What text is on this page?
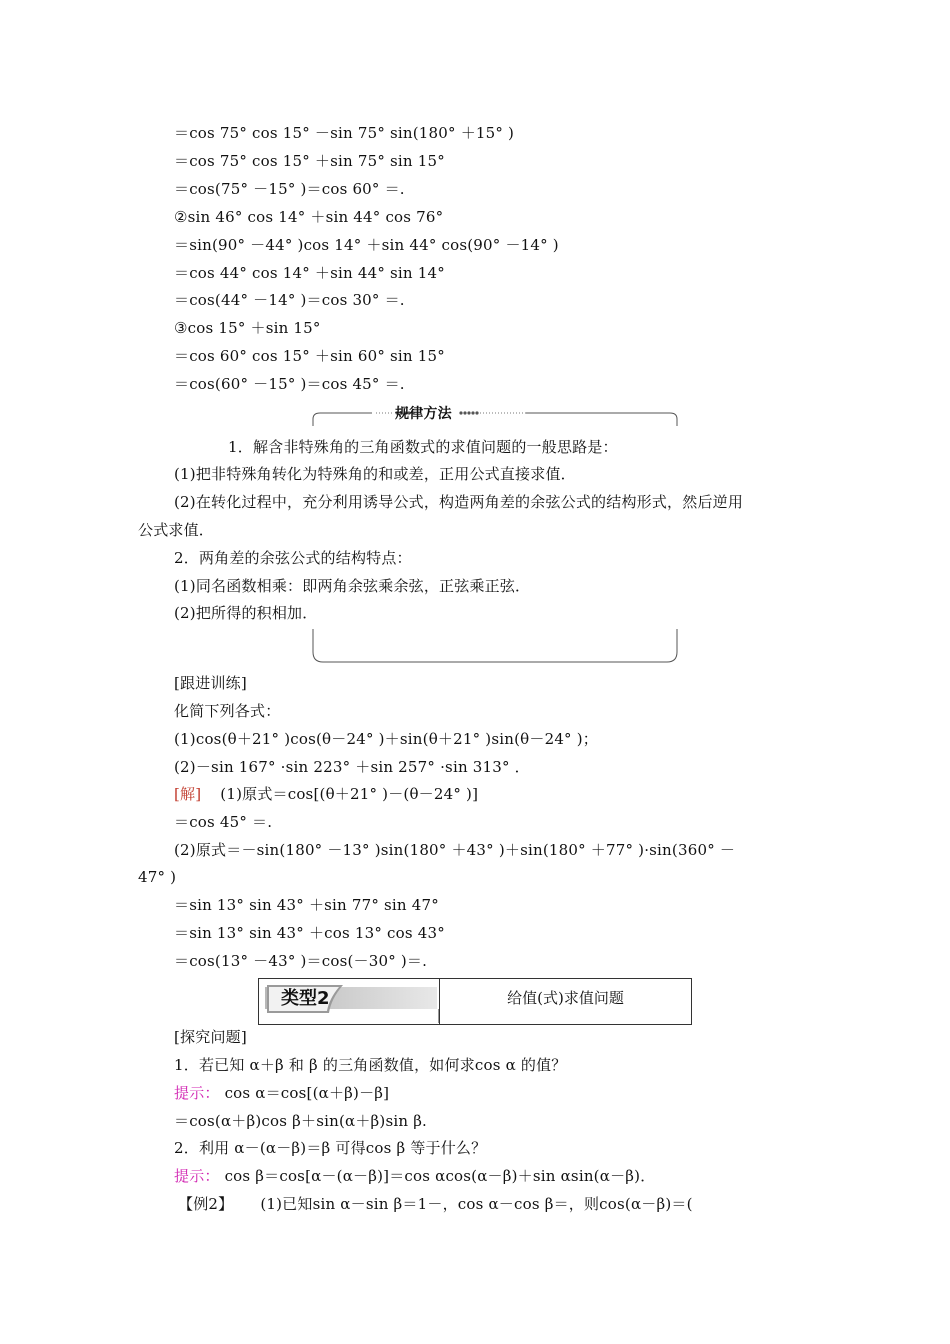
＝cos 75° cos 15° －sin 75° sin(180° ＋15° )
＝cos 75° cos 15° ＋sin 75° sin 15°
＝cos(75° －15° )＝cos 60° ＝.
②sin 46° cos 14° ＋sin 44° cos 76°
＝sin(90° －44° )cos 14° ＋sin 44° cos(90° －14° )
＝cos 44° cos 14° ＋sin 44° sin 14°
＝cos(44° －14° )＝cos 30° ＝.
③cos 15° ＋sin 15°
＝cos 60° cos 15° ＋sin 60° sin 15°
＝cos(60° －15° )＝cos 45° ＝.
规律方法
1．解含非特殊角的三角函数式的求值问题的一般思路是：
(1)把非特殊角转化为特殊角的和或差，正用公式直接求值．
(2)在转化过程中，充分利用诱导公式，构造两角差的余弦公式的结构形式，然后逆用
公式求值．
2．两角差的余弦公式的结构特点：
(1)同名函数相乘：即两角余弦乘余弦，正弦乘正弦．
(2)把所得的积相加．
[跟进训练]
化简下列各式：
(1)cos(θ＋21° )cos(θ－24° )＋sin(θ＋21° )sin(θ－24° )；
(2)－sin 167° ·sin 223° ＋sin 257° ·sin 313° ．
[解] (1)原式＝cos[(θ＋21° )－(θ－24° )]
＝cos 45° ＝.
(2)原式＝－sin(180° －13° )sin(180° ＋43° )＋sin(180° ＋77° )·sin(360° －
47° )
＝sin 13° sin 43° ＋sin 77° sin 47°
＝sin 13° sin 43° ＋cos 13° cos 43°
＝cos(13° －43° )＝cos(－30° )＝.
类型2	给值(式)求值问题
[探究问题]
1．若已知 α＋β 和 β 的三角函数值，如何求cos α 的值？
提示： cos α＝cos[(α＋β)－β]
＝cos(α＋β)cos β＋sin(α＋β)sin β.
2．利用 α－(α－β)＝β 可得cos β 等于什么？
提示： cos β＝cos[α－(α－β)]＝cos αcos(α－β)＋sin αsin(α－β)．
【例2】 (1)已知sin α－sin β＝1－，cos α－cos β＝，则cos(α－β)＝(
